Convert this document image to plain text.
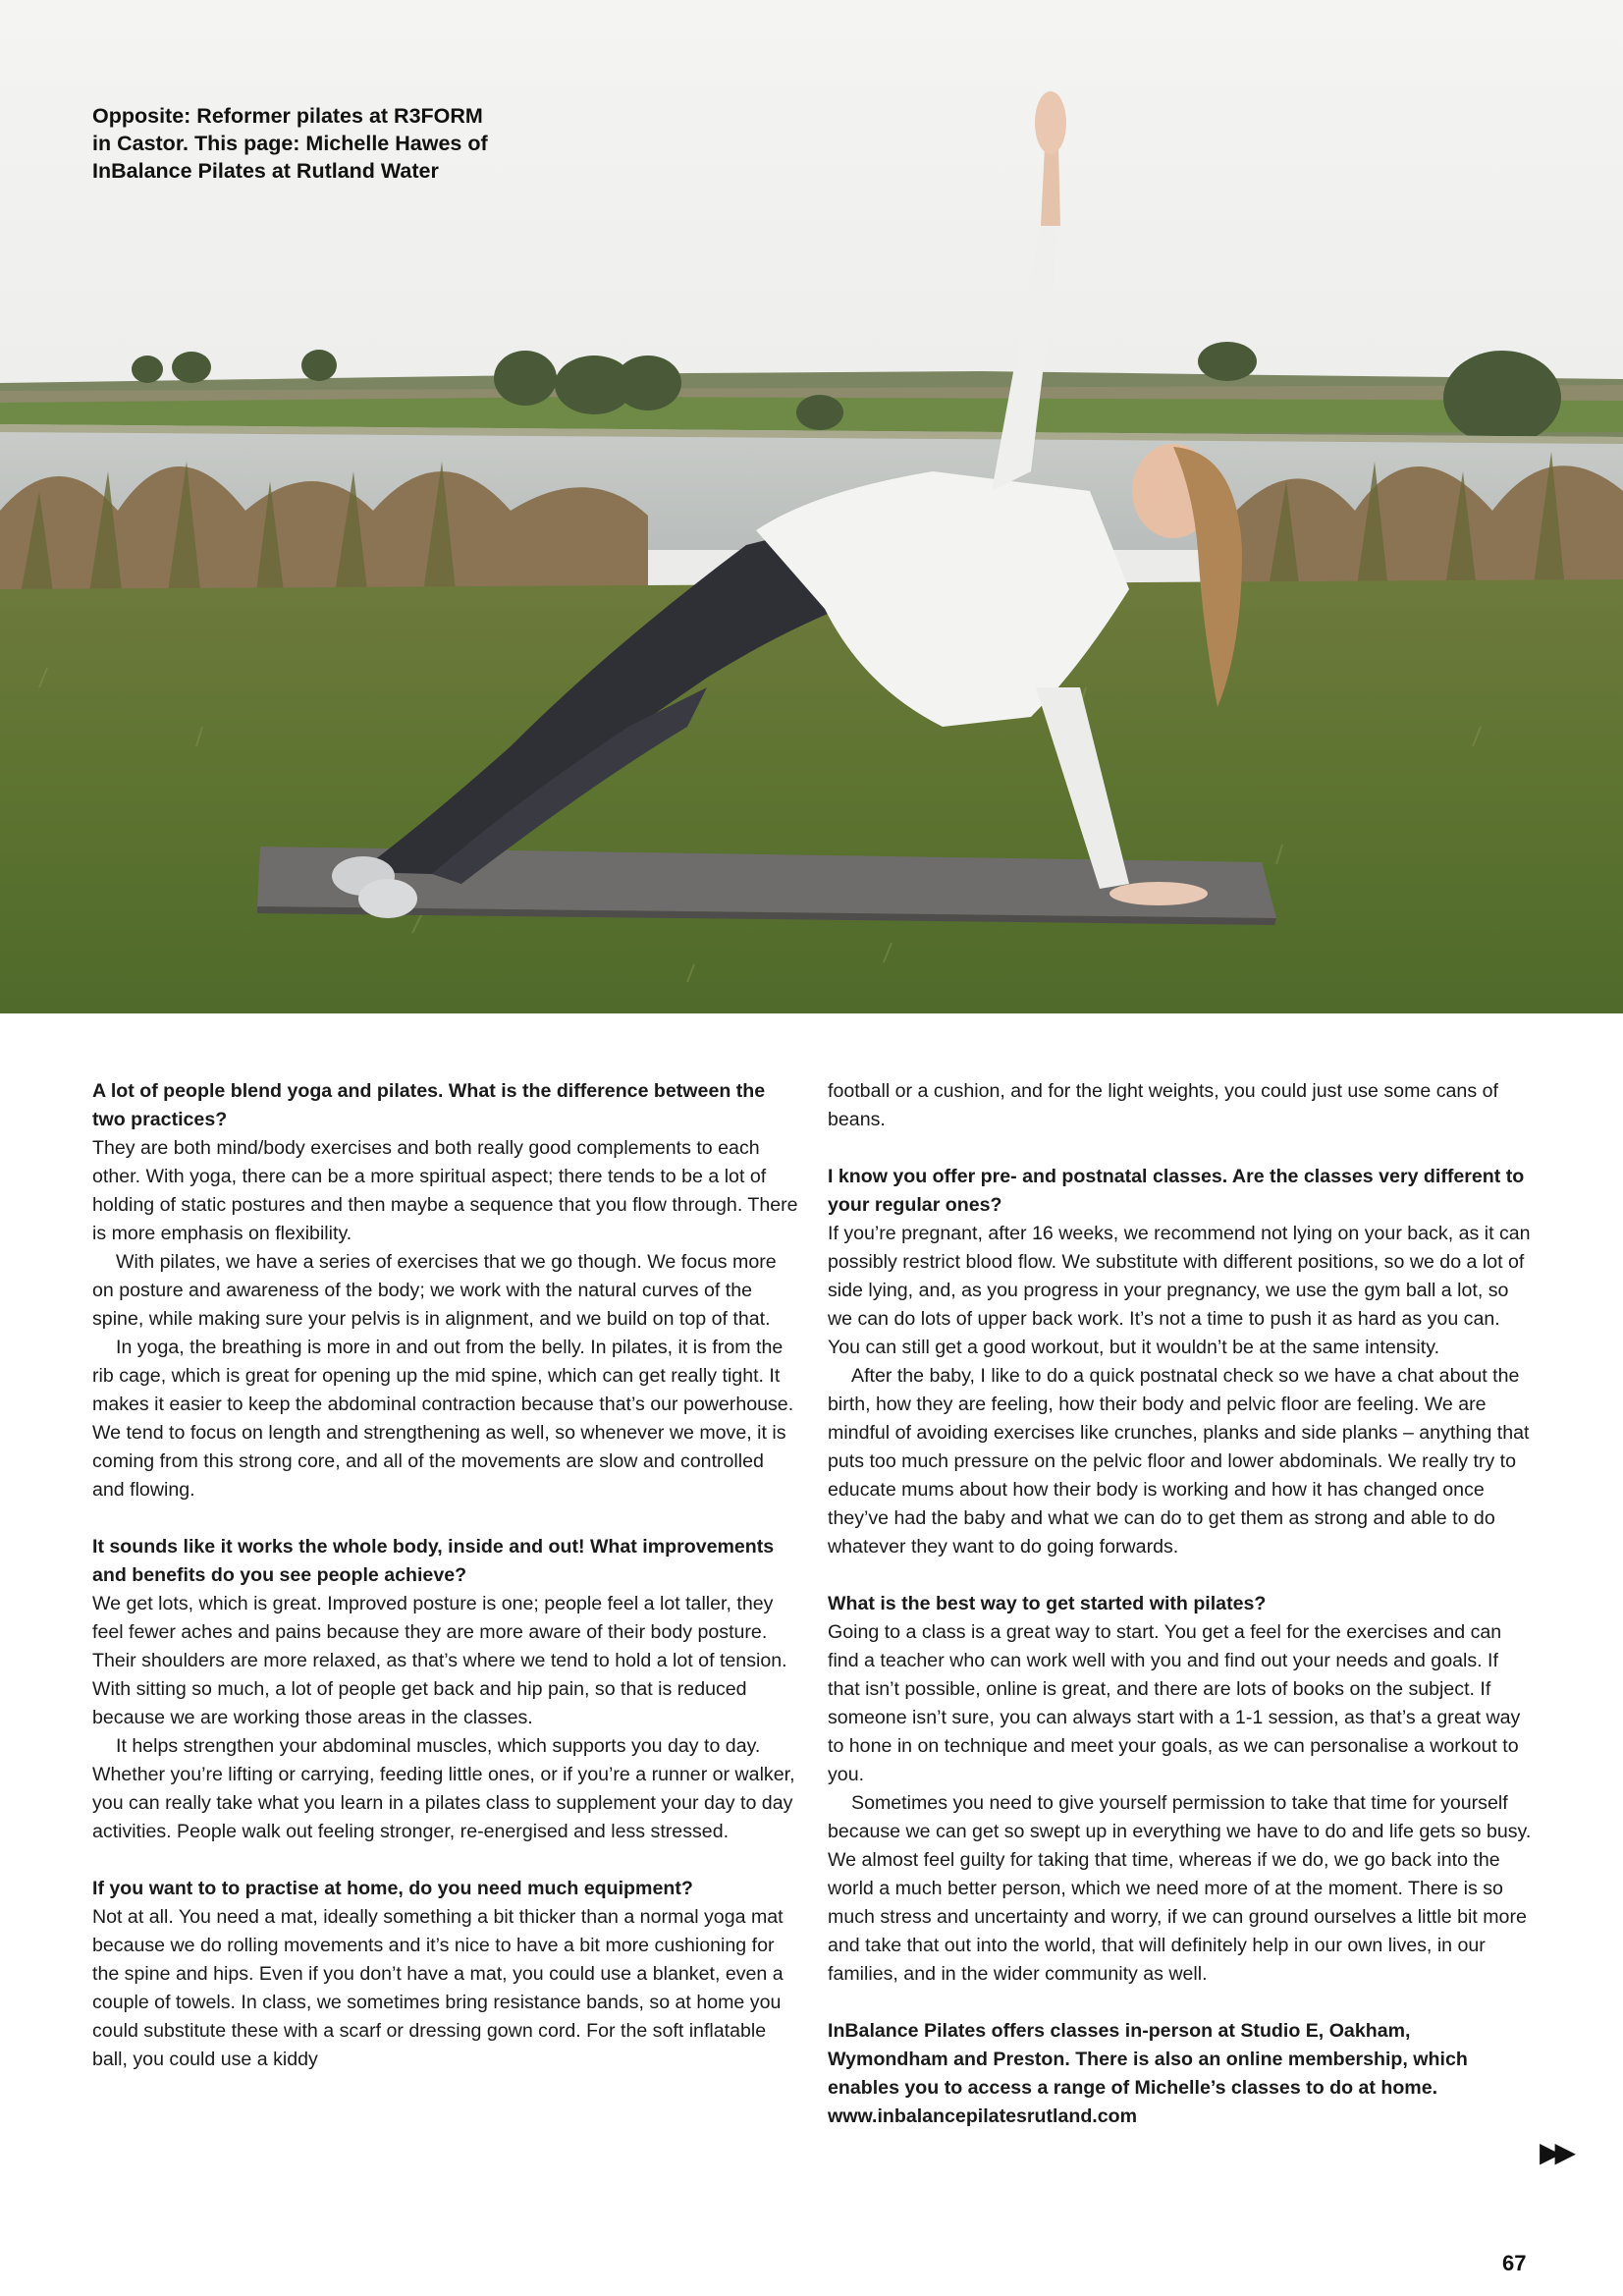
Opposite: Reformer pilates at R3FORM
in Castor. This page: Michelle Hawes of
InBalance Pilates at Rutland Water
A lot of people blend yoga and pilates. What is the difference between the two practices?

They are both mind/body exercises and both really good complements to each other. With yoga, there can be a more spiritual aspect; there tends to be a lot of holding of static postures and then maybe a sequence that you flow through. There is more emphasis on flexibility.

With pilates, we have a series of exercises that we go though. We focus more on posture and awareness of the body; we work with the natural curves of the spine, while making sure your pelvis is in alignment, and we build on top of that.

In yoga, the breathing is more in and out from the belly. In pilates, it is from the rib cage, which is great for opening up the mid spine, which can get really tight. It makes it easier to keep the abdominal contraction because that’s our powerhouse. We tend to focus on length and strengthening as well, so whenever we move, it is coming from this strong core, and all of the movements are slow and controlled and flowing.

It sounds like it works the whole body, inside and out! What improvements and benefits do you see people achieve?

We get lots, which is great. Improved posture is one; people feel a lot taller, they feel fewer aches and pains because they are more aware of their body posture. Their shoulders are more relaxed, as that’s where we tend to hold a lot of tension. With sitting so much, a lot of people get back and hip pain, so that is reduced because we are working those areas in the classes.

It helps strengthen your abdominal muscles, which supports you day to day. Whether you’re lifting or carrying, feeding little ones, or if you’re a runner or walker, you can really take what you learn in a pilates class to supplement your day to day activities. People walk out feeling stronger, re-energised and less stressed.

If you want to to practise at home, do you need much equipment?

Not at all. You need a mat, ideally something a bit thicker than a normal yoga mat because we do rolling movements and it’s nice to have a bit more cushioning for the spine and hips. Even if you don’t have a mat, you could use a blanket, even a couple of towels. In class, we sometimes bring resistance bands, so at home you could substitute these with a scarf or dressing gown cord. For the soft inflatable ball, you could use a kiddy

football or a cushion, and for the light weights, you could just use some cans of beans.

I know you offer pre- and postnatal classes. Are the classes very different to your regular ones?

If you’re pregnant, after 16 weeks, we recommend not lying on your back, as it can possibly restrict blood flow. We substitute with different positions, so we do a lot of side lying, and, as you progress in your pregnancy, we use the gym ball a lot, so we can do lots of upper back work. It’s not a time to push it as hard as you can. You can still get a good workout, but it wouldn’t be at the same intensity.

After the baby, I like to do a quick postnatal check so we have a chat about the birth, how they are feeling, how their body and pelvic floor are feeling. We are mindful of avoiding exercises like crunches, planks and side planks – anything that puts too much pressure on the pelvic floor and lower abdominals. We really try to educate mums about how their body is working and how it has changed once they’ve had the baby and what we can do to get them as strong and able to do whatever they want to do going forwards.

What is the best way to get started with pilates?

Going to a class is a great way to start. You get a feel for the exercises and can find a teacher who can work well with you and find out your needs and goals. If that isn’t possible, online is great, and there are lots of books on the subject. If someone isn’t sure, you can always start with a 1-1 session, as that’s a great way to hone in on technique and meet your goals, as we can personalise a workout to you.

Sometimes you need to give yourself permission to take that time for yourself because we can get so swept up in everything we have to do and life gets so busy. We almost feel guilty for taking that time, whereas if we do, we go back into the world a much better person, which we need more of at the moment. There is so much stress and uncertainty and worry, if we can ground ourselves a little bit more and take that out into the world, that will definitely help in our own lives, in our families, and in the wider community as well.

InBalance Pilates offers classes in-person at Studio E, Oakham, Wymondham and Preston. There is also an online membership, which enables you to access a range of Michelle’s classes to do at home.

www.inbalancepilatesrutland.com

▶▶
67
